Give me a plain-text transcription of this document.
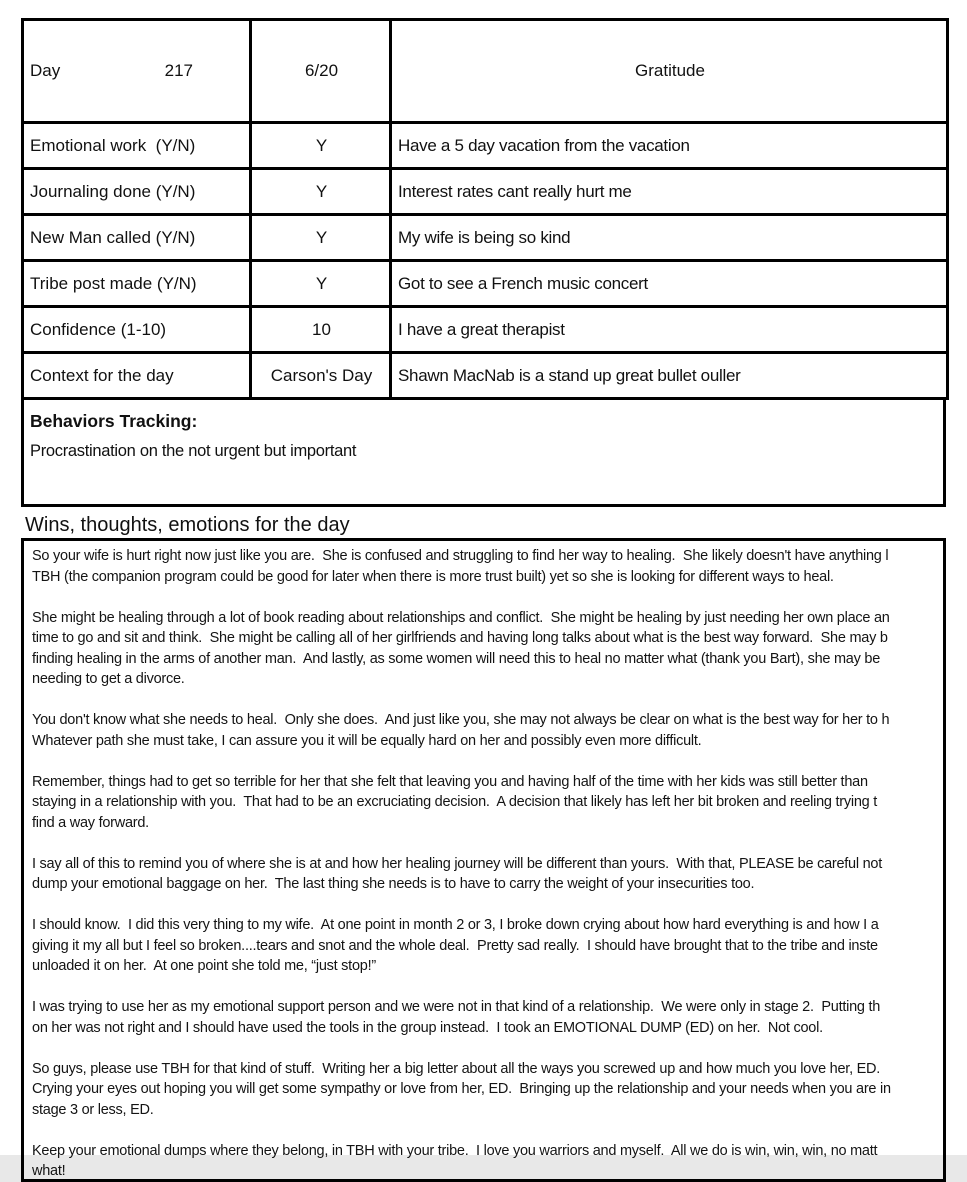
Day 217	6/20	Gratitude
Emotional work  (Y/N)	Y	Have a 5 day vacation from the vacation
Journaling done (Y/N)	Y	Interest rates cant really hurt me
New Man called (Y/N)	Y	My wife is being so kind
Tribe post made (Y/N)	Y	Got to see a French music concert
Confidence (1-10)	10	I have a great therapist
Context for the day	Carson's Day	Shawn MacNab is a stand up great bullet ouller
Behaviors Tracking:
Procrastination on the not urgent but important
Wins, thoughts, emotions for the day
So your wife is hurt right now just like you are.  She is confused and struggling to find her way to healing.  She likely doesn't have anything l
TBH (the companion program could be good for later when there is more trust built) yet so she is looking for different ways to heal.
She might be healing through a lot of book reading about relationships and conflict.  She might be healing by just needing her own place an
time to go and sit and think.  She might be calling all of her girlfriends and having long talks about what is the best way forward.  She may b
finding healing in the arms of another man.  And lastly, as some women will need this to heal no matter what (thank you Bart), she may be
needing to get a divorce.
You don't know what she needs to heal.  Only she does.  And just like you, she may not always be clear on what is the best way for her to h
Whatever path she must take, I can assure you it will be equally hard on her and possibly even more difficult.
Remember, things had to get so terrible for her that she felt that leaving you and having half of the time with her kids was still better than
staying in a relationship with you.  That had to be an excruciating decision.  A decision that likely has left her bit broken and reeling trying t
find a way forward.
I say all of this to remind you of where she is at and how her healing journey will be different than yours.  With that, PLEASE be careful not
dump your emotional baggage on her.  The last thing she needs is to have to carry the weight of your insecurities too.
I should know.  I did this very thing to my wife.  At one point in month 2 or 3, I broke down crying about how hard everything is and how I a
giving it my all but I feel so broken....tears and snot and the whole deal.  Pretty sad really.  I should have brought that to the tribe and inste
unloaded it on her.  At one point she told me, “just stop!”
I was trying to use her as my emotional support person and we were not in that kind of a relationship.  We were only in stage 2.  Putting th
on her was not right and I should have used the tools in the group instead.  I took an EMOTIONAL DUMP (ED) on her.  Not cool.
So guys, please use TBH for that kind of stuff.  Writing her a big letter about all the ways you screwed up and how much you love her, ED.
Crying your eyes out hoping you will get some sympathy or love from her, ED.  Bringing up the relationship and your needs when you are in
stage 3 or less, ED.
Keep your emotional dumps where they belong, in TBH with your tribe.  I love you warriors and myself.  All we do is win, win, win, no matt
what!
